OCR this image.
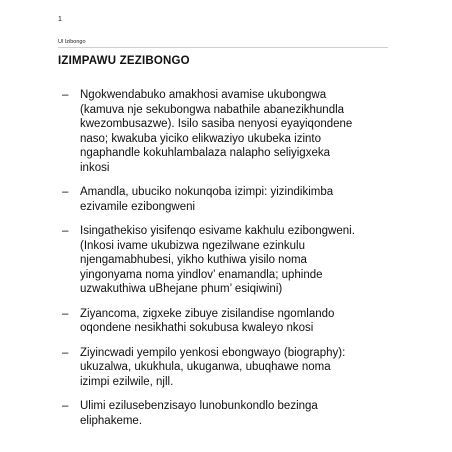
1
Ul Izibongo
IZIMPAWU ZEZIBONGO
–	Ngokwendabuko amakhosi avamise ukubongwa
(kamuva nje sekubongwa nabathile abanezikhundla
kwezombusazwe). Isilo sasiba nenyosi eyayiqondene
naso; kwakuba yiciko elikwaziyo ukubeka izinto
ngaphandle kokuhlambalaza nalapho seliyigxeka
inkosi
–	Amandla, ubuciko nokunqoba izimpi: yizindikimba
ezivamile ezibongweni
–	Isingathekiso yisifenqo esivame kakhulu ezibongweni.
(Inkosi ivame ukubizwa ngezilwane ezinkulu
njengamabhubesi, yikho kuthiwa yisilo noma
yingonyama noma yindlov’ enamandla; uphinde
uzwakuthiwa uBhejane phum’ esiqiwini)
–	Ziyancoma, zigxeke zibuye zisilandise ngomlando
oqondene nesikhathi sokubusa kwaleyo nkosi
–	Ziyincwadi yempilo yenkosi ebongwayo (biography):
ukuzalwa, ukukhula, ukuganwa, ubuqhawe noma
izimpi ezilwile, njll.
–	Ulimi ezilusebenzisayo lunobunkondlo bezinga
eliphakeme.
